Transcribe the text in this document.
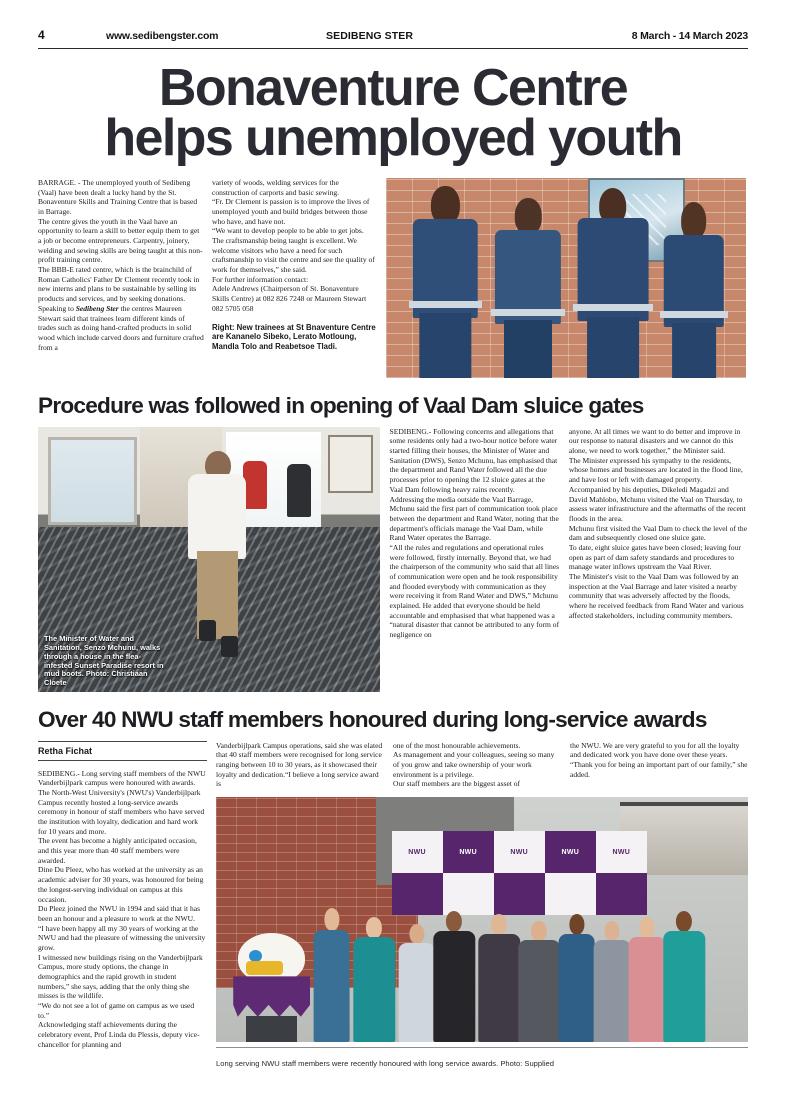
4	www.sedibengster.com	SEDIBENG STER	8 March - 14 March 2023
Bonaventure Centre
helps unemployed youth

BARRAGE. - The unemployed youth of Sedibeng (Vaal) have been dealt a lucky hand by the St. Bonaventure Skills and Training Centre that is based in Barrage.

The centre gives the youth in the Vaal have an opportunity to learn a skill to better equip them to get a job or become entrepreneurs. Carpentry, joinery, welding and sewing skills are being taught at this non-profit training centre.

The BBB-E rated centre, which is the brainchild of Roman Catholics' Father Dr Clement recently took in new interns and plans to be sustainable by selling its products and services, and by seeking donations.

Speaking to Sedibeng Ster the centres Maureen Stewart said that trainees learn different kinds of trades such as doing hand-crafted products in solid wood which include carved doors and furniture crafted from a

variety of woods, welding services for the construction of carports and basic sewing.

“Fr. Dr Clement is passion is to improve the lives of unemployed youth and build bridges between those who have, and have not.

“We want to develop people to be able to get jobs.

The craftsmanship being taught is excellent. We welcome visitors who have a need for such craftsmanship to visit the centre and see the quality of work for themselves,” she said.

For further information contact:

Adele Andrews (Chairperson of St. Bonaventure Skills Centre) at 082 826 7248 or Maureen Stewart 082 5705 058

Right: New trainees at St Bnaventure Centre are Kananelo Sibeko, Lerato Motloung, Mandla Tolo and Reabetsoe Tladi.

Procedure was followed in opening of Vaal Dam sluice gates
The Minister of Water and Sanitation, Senzo Mchunu, walks through a house in the flea-infested Sunset Paradise resort in mud boots. Photo: Christiaan Cloete

SEDIBENG.- Following concerns and allegations that some residents only had a two-hour notice before water started filling their houses, the Minister of Water and Sanitation (DWS), Senzo Mchunu, has emphasised that the department and Rand Water followed all the due processes prior to opening the 12 sluice gates at the Vaal Dam following heavy rains recently.

Addressing the media outside the Vaal Barrage, Mchunu said the first part of communication took place between the department and Rand Water, noting that the department's officials manage the Vaal Dam, while Rand Water operates the Barrage.

“All the rules and regulations and operational rules were followed, firstly internally. Beyond that, we had the chairperson of the community who said that all lines of communication were open and he took responsibility and flooded everybody with communication as they were receiving it from Rand Water and DWS,” Mchunu explained. He added that everyone should be held accountable and emphasised that what happened was a “natural disaster that cannot be attributed to any form of negligence on

anyone. At all times we want to do better and improve in our response to natural disasters and we cannot do this alone, we need to work together,” the Minister said.

The Minister expressed his sympathy to the residents, whose homes and businesses are located in the flood line, and have lost or left with damaged property.

Accompanied by his deputies, Dikeledi Magadzi and David Mahlobo, Mchunu visited the Vaal on Thursday, to assess water infrastructure and the aftermaths of the recent floods in the area.

Mchunu first visited the Vaal Dam to check the level of the dam and subsequently closed one sluice gate.

To date, eight sluice gates have been closed; leaving four open as part of dam safety standards and procedures to manage water inflows upstream the Vaal River.

The Minister's visit to the Vaal Dam was followed by an inspection at the Vaal Barrage and later visited a nearby community that was adversely affected by the floods, where he received feedback from Rand Water and various affected stakeholders, including community members.

Over 40 NWU staff members honoured during long-service awards
Retha Fichat

SEDIBENG.- Long serving staff members of the NWU Vanderbijlpark campus were honoured with awards. The North-West University's (NWU's) Vanderbijlpark Campus recently hosted a long-service awards ceremony in honour of staff members who have served the institution with loyalty, dedication and hard work for 10 years and more.

The event has become a highly anticipated occasion, and this year more than 40 staff members were awarded.

Dine Du Pleez, who has worked at the university as an academic adviser for 30 years, was honoured for being the longest-serving individual on campus at this occasion.

Du Pleez joined the NWU in 1994 and said that it has been an honour and a pleasure to work at the NWU.

“I have been happy all my 30 years of working at the NWU and had the pleasure of witnessing the university grow.

I witnessed new buildings rising on the Vanderbijlpark Campus, more study options, the change in demographics and the rapid growth in student numbers,” she says, adding that the only thing she misses is the wildlife.

“We do not see a lot of game on campus as we used to.”

Acknowledging staff achievements during the celebratory event, Prof Linda du Plessis, deputy vice-chancellor for planning and

Vanderbijlpark Campus operations, said she was elated that 40 staff members were recognised for long service ranging between 10 to 30 years, as it showcased their loyalty and dedication.“I believe a long service award is

one of the most honourable achievements.

As management and your colleagues, seeing so many of you grow and take ownership of your work environment is a privilege.

Our staff members are the biggest asset of

the NWU. We are very grateful to you for all the loyalty and dedicated work you have done over these years.

“Thank you for being an important part of our family,” she added.

NWU	NWU	NWU	NWU	NWU
Long serving NWU staff members were recently honoured with long service awards. Photo: Supplied
